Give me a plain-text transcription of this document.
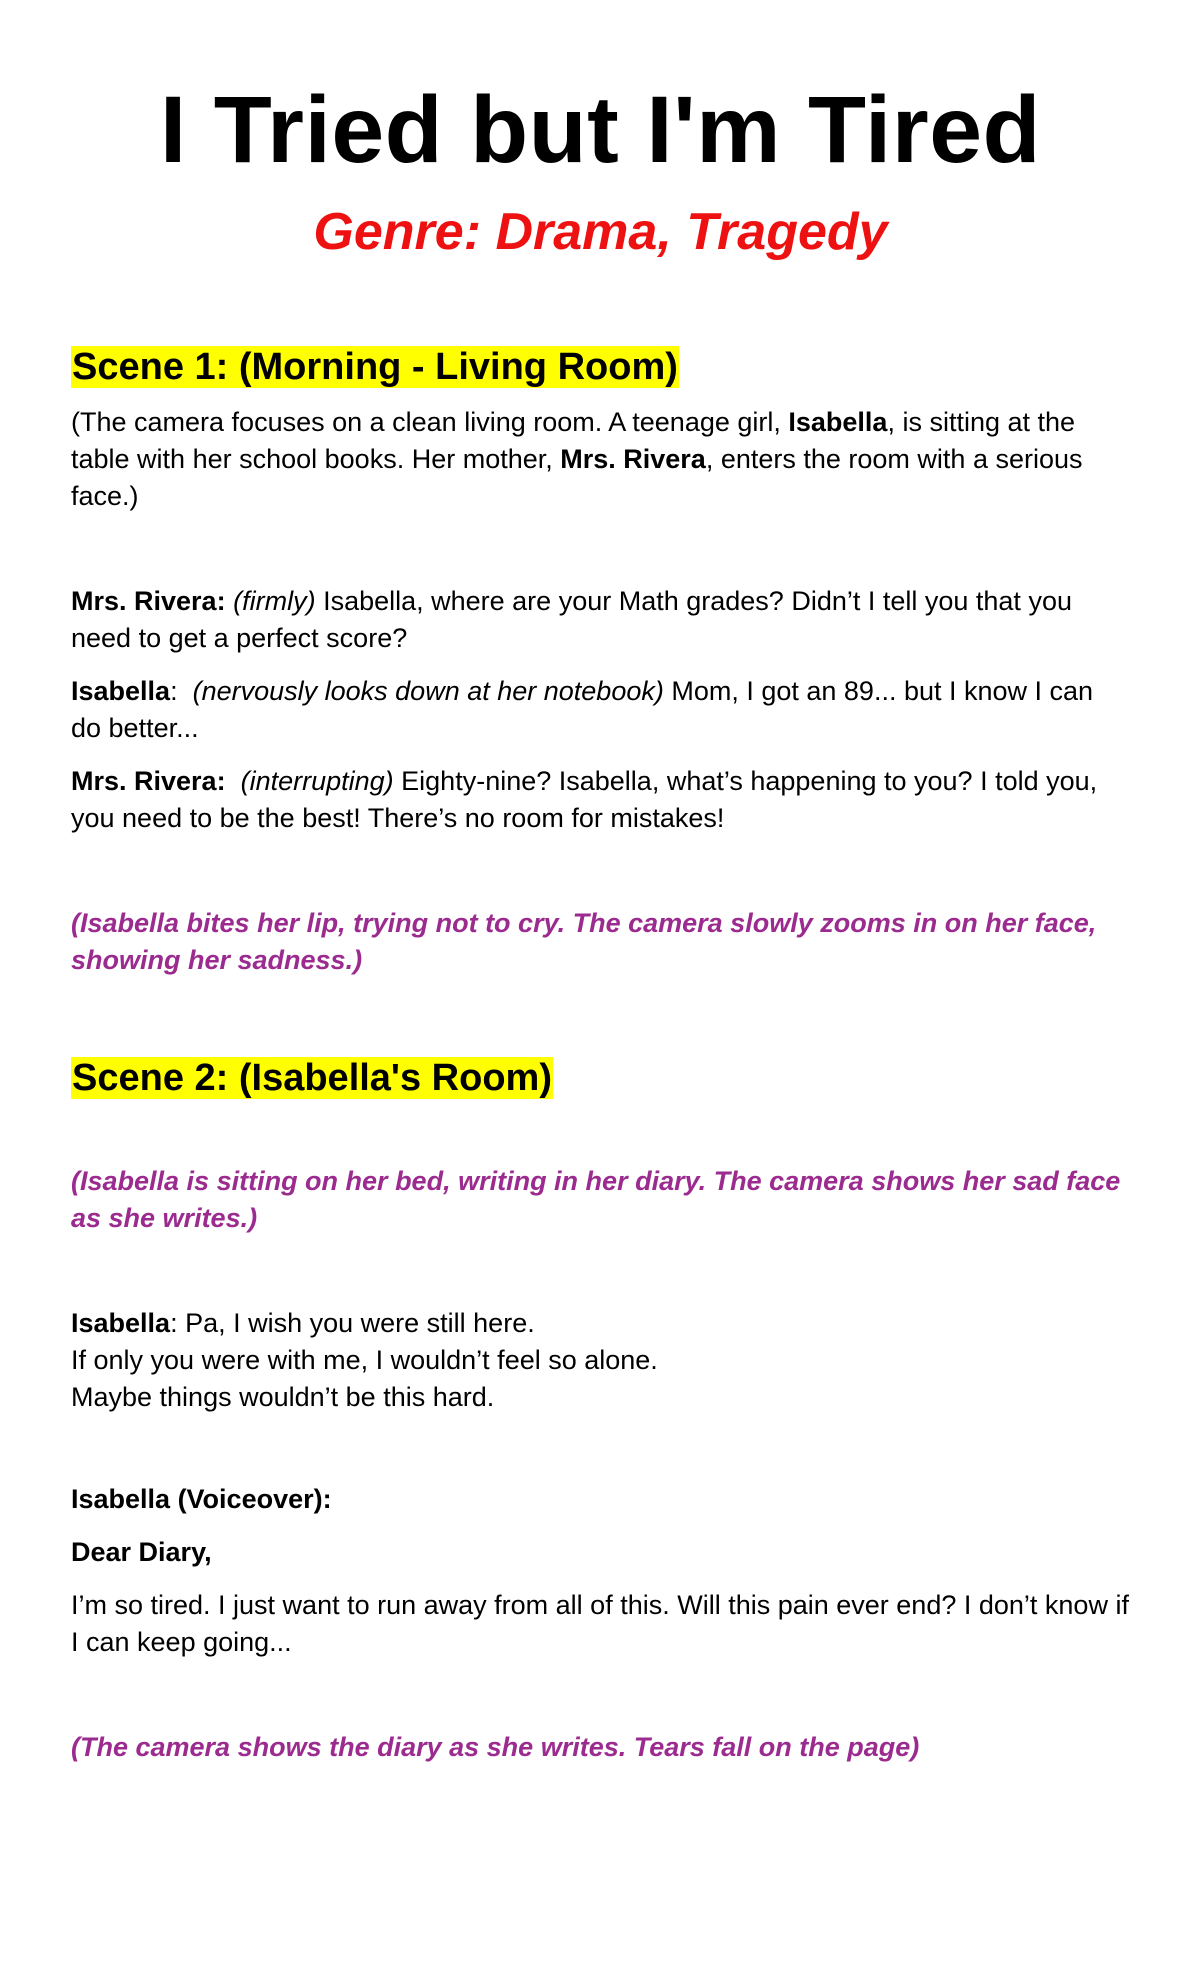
I Tried but I'm Tired
Genre: Drama, Tragedy
Scene 1: (Morning - Living Room)

(The camera focuses on a clean living room. A teenage girl, Isabella, is sitting at the table with her school books. Her mother, Mrs. Rivera, enters the room with a serious face.)

Mrs. Rivera: (firmly) Isabella, where are your Math grades? Didn’t I tell you that you need to get a perfect score?

Isabella:  (nervously looks down at her notebook) Mom, I got an 89... but I know I can do better...

Mrs. Rivera: (interrupting) Eighty-nine? Isabella, what’s happening to you? I told you, you need to be the best! There’s no room for mistakes!

(Isabella bites her lip, trying not to cry. The camera slowly zooms in on her face, showing her sadness.)

Scene 2: (Isabella's Room)

(Isabella is sitting on her bed, writing in her diary. The camera shows her sad face as she writes.)

Isabella: Pa, I wish you were still here.
If only you were with me, I wouldn’t feel so alone.
Maybe things wouldn’t be this hard.

Isabella (Voiceover):

Dear Diary,

I’m so tired. I just want to run away from all of this. Will this pain ever end? I don’t know if I can keep going...

(The camera shows the diary as she writes. Tears fall on the page)
